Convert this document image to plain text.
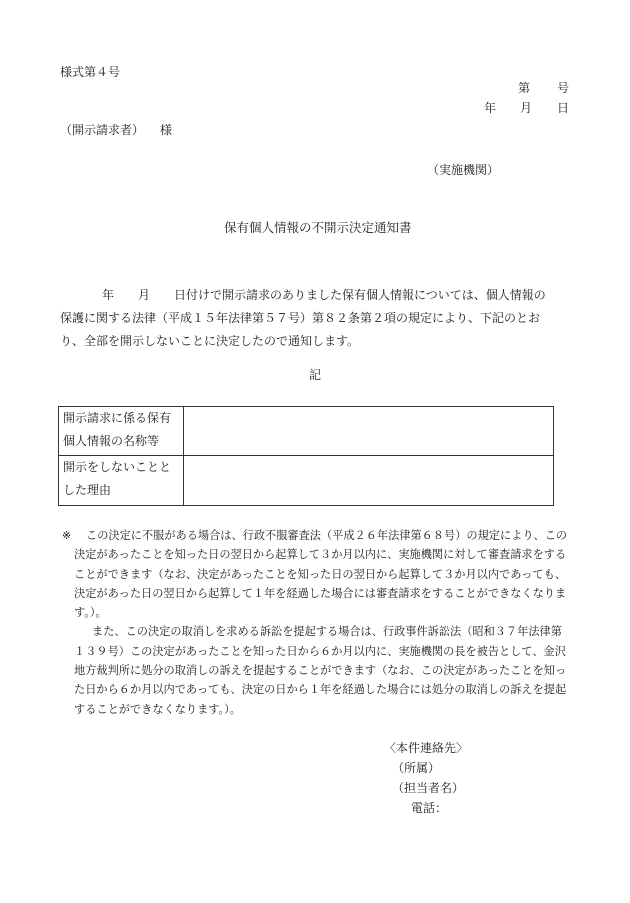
様式第４号
第 号
年 月 日
（開示請求者） 様
（実施機関）
保有個人情報の不開示決定通知書
年 月 日付けで開示請求のありました保有個人情報については、個人情報の
保護に関する法律（平成１５年法律第５７号）第８２条第２項の規定により、下記のとお
り、全部を開示しないことに決定したので通知します。
記
開示請求に係る保有
個人情報の名称等	

開示をしないことと
した理由	

※	この決定に不服がある場合は、行政不服審査法（平成２６年法律第６８号）の規定により、この
決定があったことを知った日の翌日から起算して３か月以内に、実施機関に対して審査請求をする
ことができます（なお、決定があったことを知った日の翌日から起算して３か月以内であっても、
決定があった日の翌日から起算して１年を経過した場合には審査請求をすることができなくなりま
す。）。
また、この決定の取消しを求める訴訟を提起する場合は、行政事件訴訟法（昭和３７年法律第
１３９号）この決定があったことを知った日から６か月以内に、実施機関の長を被告として、金沢
地方裁判所に処分の取消しの訴えを提起することができます（なお、この決定があったことを知っ
た日から６か月以内であっても、決定の日から１年を経過した場合には処分の取消しの訴えを提起
することができなくなります。）。
〈本件連絡先〉
（所属）
（担当者名）
電話：
